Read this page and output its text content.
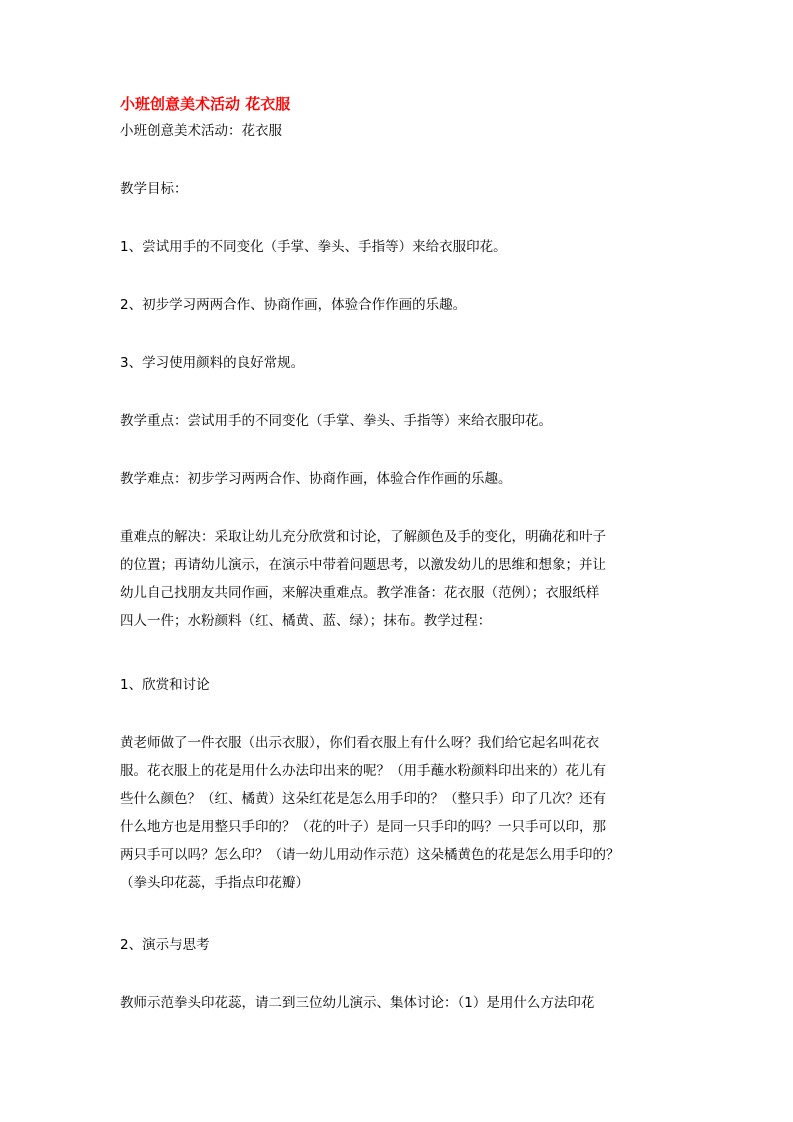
小班创意美术活动 花衣服
小班创意美术活动：花衣服
教学目标：
1、尝试用手的不同变化（手掌、拳头、手指等）来给衣服印花。
2、初步学习两两合作、协商作画，体验合作作画的乐趣。
3、学习使用颜料的良好常规。
教学重点：尝试用手的不同变化（手掌、拳头、手指等）来给衣服印花。
教学难点：初步学习两两合作、协商作画，体验合作作画的乐趣。
重难点的解决：采取让幼儿充分欣赏和讨论，了解颜色及手的变化，明确花和叶子
的位置；再请幼儿演示，在演示中带着问题思考，以激发幼儿的思维和想象；并让
幼儿自己找朋友共同作画，来解决重难点。教学准备：花衣服（范例）；衣服纸样
四人一件；水粉颜料（红、橘黄、蓝、绿）；抹布。教学过程：
1、欣赏和讨论
黄老师做了一件衣服（出示衣服），你们看衣服上有什么呀？我们给它起名叫花衣
服。花衣服上的花是用什么办法印出来的呢？（用手蘸水粉颜料印出来的）花儿有
些什么颜色？（红、橘黄）这朵红花是怎么用手印的？（整只手）印了几次？还有
什么地方也是用整只手印的？（花的叶子）是同一只手印的吗？一只手可以印，那
两只手可以吗？怎么印？（请一幼儿用动作示范）这朵橘黄色的花是怎么用手印的？
（拳头印花蕊，手指点印花瓣）
2、演示与思考
教师示范拳头印花蕊，请二到三位幼儿演示、集体讨论：（1）是用什么方法印花
